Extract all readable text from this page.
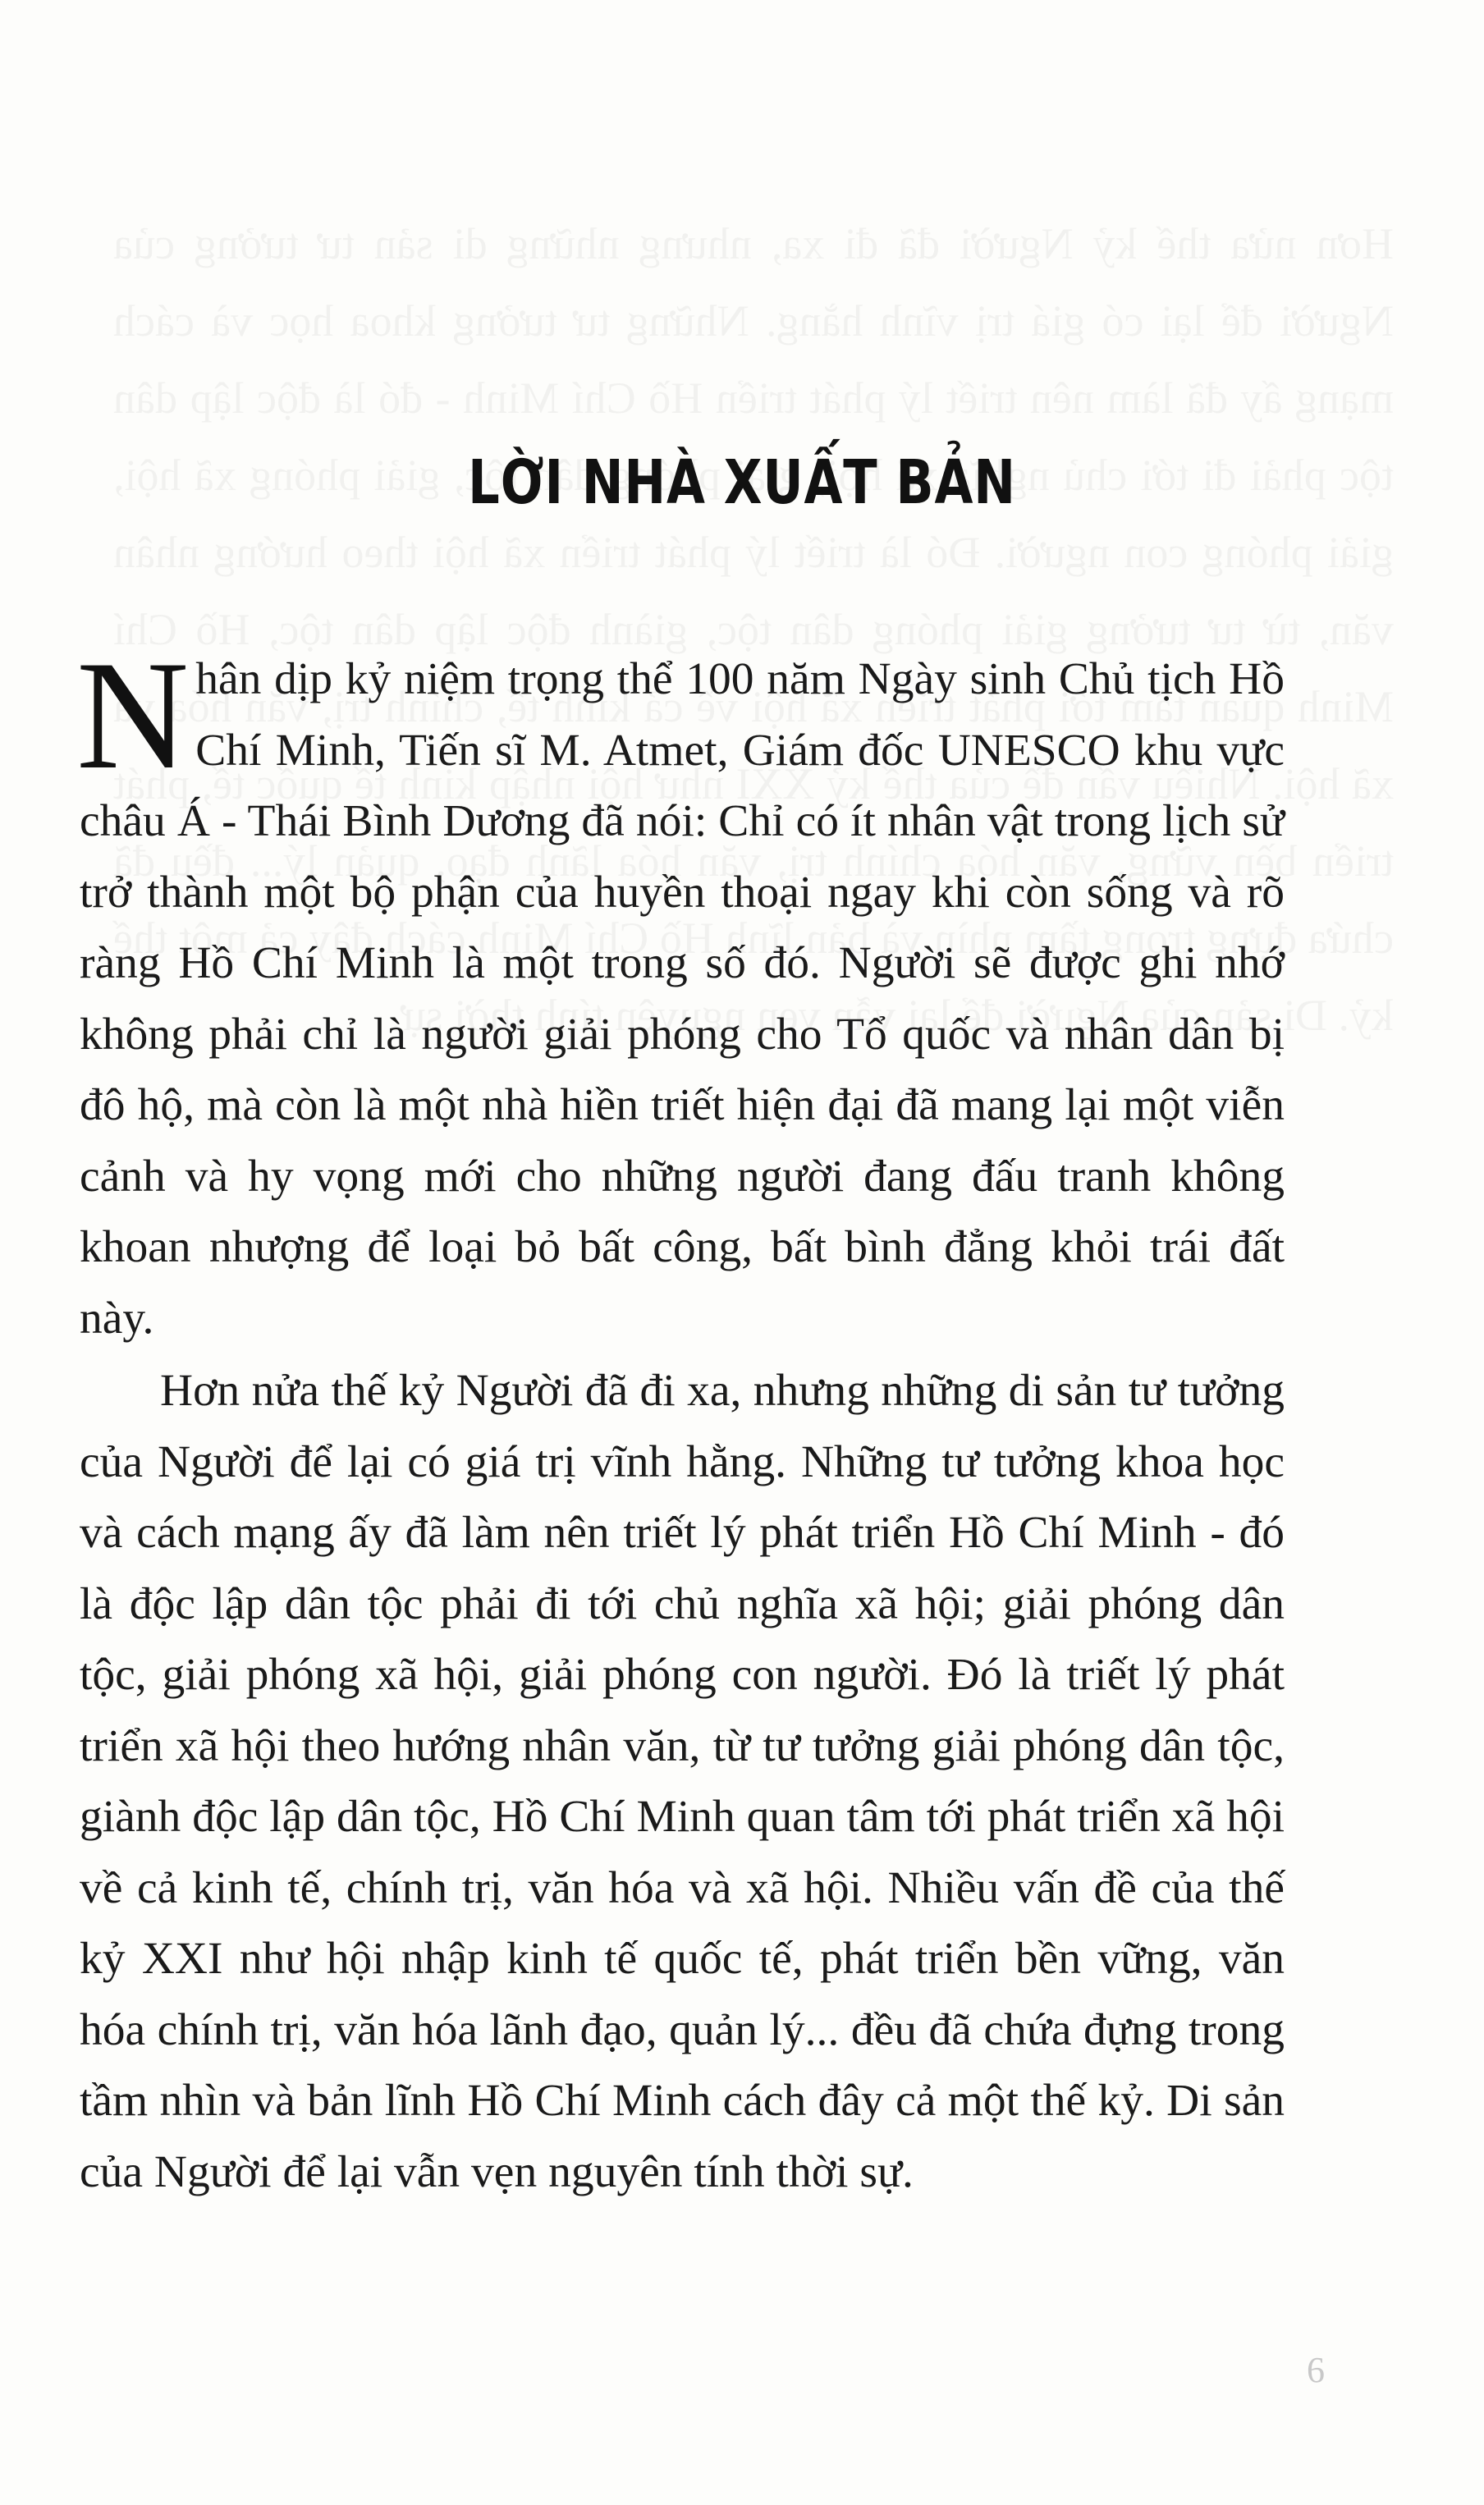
LỜI NHÀ XUẤT BẢN

Nhân dịp kỷ niệm trọng thể 100 năm Ngày sinh Chủ tịch Hồ Chí Minh, Tiến sĩ M. Atmet, Giám đốc UNESCO khu vực châu Á - Thái Bình Dương đã nói: Chỉ có ít nhân vật trong lịch sử trở thành một bộ phận của huyền thoại ngay khi còn sống và rõ ràng Hồ Chí Minh là một trong số đó. Người sẽ được ghi nhớ không phải chỉ là người giải phóng cho Tổ quốc và nhân dân bị đô hộ, mà còn là một nhà hiền triết hiện đại đã mang lại một viễn cảnh và hy vọng mới cho những người đang đấu tranh không khoan nhượng để loại bỏ bất công, bất bình đẳng khỏi trái đất này.

Hơn nửa thế kỷ Người đã đi xa, nhưng những di sản tư tưởng của Người để lại có giá trị vĩnh hằng. Những tư tưởng khoa học và cách mạng ấy đã làm nên triết lý phát triển Hồ Chí Minh - đó là độc lập dân tộc phải đi tới chủ nghĩa xã hội; giải phóng dân tộc, giải phóng xã hội, giải phóng con người. Đó là triết lý phát triển xã hội theo hướng nhân văn, từ tư tưởng giải phóng dân tộc, giành độc lập dân tộc, Hồ Chí Minh quan tâm tới phát triển xã hội về cả kinh tế, chính trị, văn hóa và xã hội. Nhiều vấn đề của thế kỷ XXI như hội nhập kinh tế quốc tế, phát triển bền vững, văn hóa chính trị, văn hóa lãnh đạo, quản lý... đều đã chứa đựng trong tầm nhìn và bản lĩnh Hồ Chí Minh cách đây cả một thế kỷ. Di sản của Người để lại vẫn vẹn nguyên tính thời sự.

6
